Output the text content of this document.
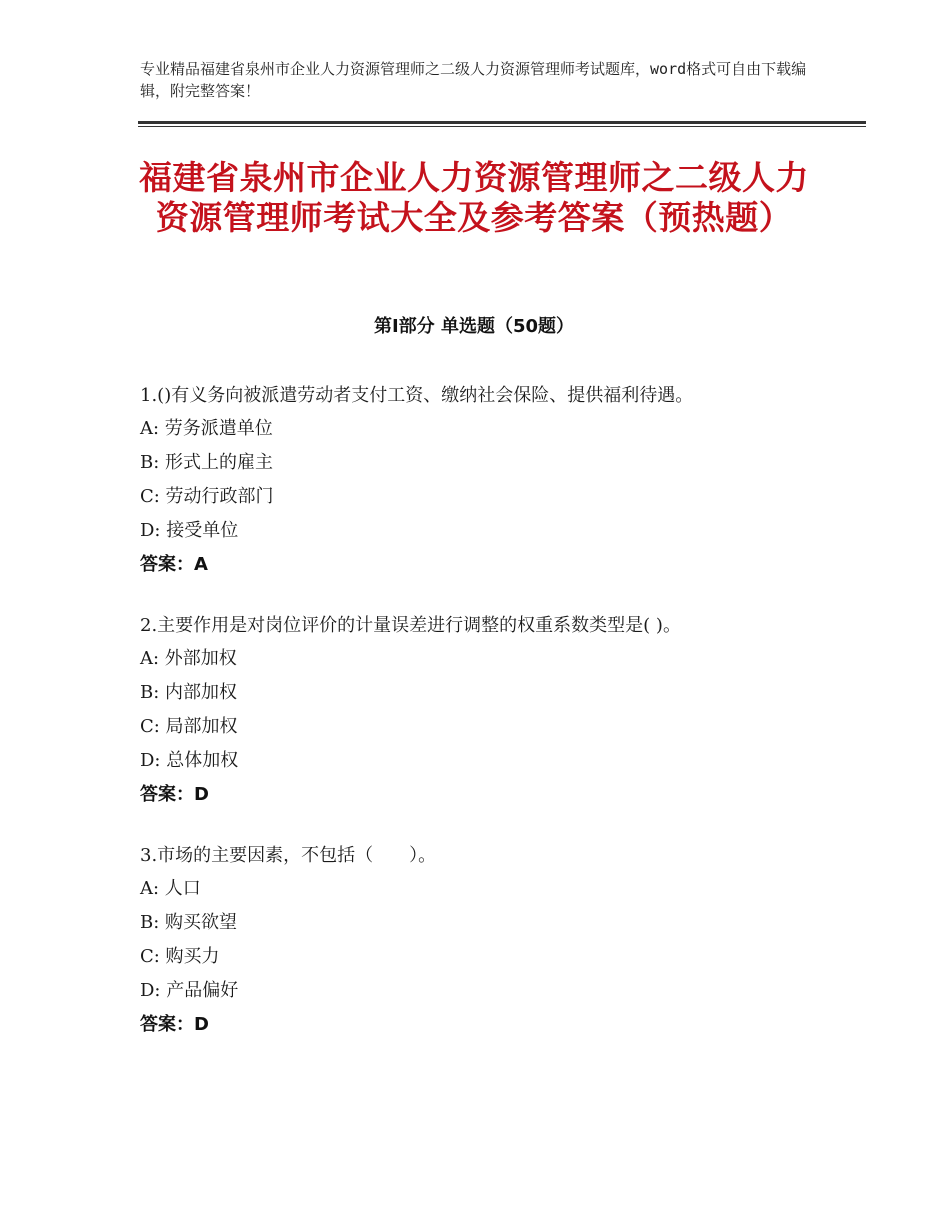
专业精品福建省泉州市企业人力资源管理师之二级人力资源管理师考试题库，word格式可自由下载编辑，附完整答案！
福建省泉州市企业人力资源管理师之二级人力资源管理师考试大全及参考答案（预热题）
第Ⅰ部分 单选题（50题）
1.()有义务向被派遣劳动者支付工资、缴纳社会保险、提供福利待遇。
A: 劳务派遣单位
B: 形式上的雇主
C: 劳动行政部门
D: 接受单位
答案：A
2.主要作用是对岗位评价的计量误差进行调整的权重系数类型是( )。
A: 外部加权
B: 内部加权
C: 局部加权
D: 总体加权
答案：D
3.市场的主要因素，不包括（　　）。
A: 人口
B: 购买欲望
C: 购买力
D: 产品偏好
答案：D
